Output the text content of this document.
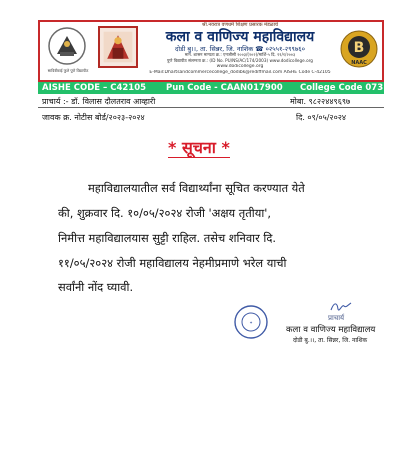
सावित्रीबाई फुले पुणे विद्यापीठ
श्री.नवरात्र वणधर्म शिक्षण प्रसारक मंडळाचे
कला व वाणिज्य महाविद्यालय
दोडी बु।।, ता. सिन्नर, जि. नाशिक ☎ ०२५५१-२९९७६०
मान. शासन मान्यता क्र.: एनजीसी २००३/(२०२)/मार्शि-५ दि. ११/१/२००३
पुणे विद्यापीठ संलग्नता क्र.: (ID No. PU/NS/AC/174/2003) www.dodicollege.org
www.dodicollege.org
E-Mail:Dhartsandcommercecollege_dodibk@rediffmail.com AISHE Code C-42105
B
NAAC
AISHE CODE – C42105 Pun Code - CAAN017900 College Code 0731
प्राचार्य :- डॉ. विलास दौलतराव आव्हारी	मोबा. ९८२२४४९६९७
जावक क्र. नोटीस बोर्ड/२०२३-२०२४	दि. ०९/०५/२०२४
* सूचना *
महाविद्यालयातील सर्व विद्यार्थ्यांना सूचित करण्यात येते
की, शुक्रवार दि. १०/०५/२०२४ रोजी 'अक्षय तृतीया',
निमीत्त महाविद्यालयास सुट्टी राहिल. तसेच शनिवार दि.
११/०५/२०२४ रोजी महाविद्यालय नेहमीप्रमाणे भरेल याची
सर्वांनी नोंद घ्यावी.
✦
प्राचार्य
कला व वाणिज्य महाविद्यालय
दोडी बु.।।, ता. सिन्नर, जि. नाशिक
